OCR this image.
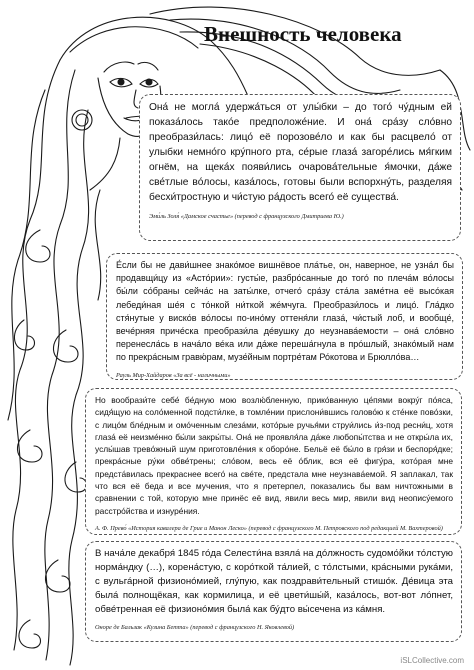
Внешность человека
Она́ не могла́ удержа́ться от улы́бки – до того́ чу́дным ей показа́лось тако́е предположе́ние. И она́ сра́зу сло́вно преобрази́лась: лицо́ её порозове́ло и как бы расцвело́ от улыбки немно́го кру́пного рта, се́рые глаза́ загоре́лись мя́гким огнём, на щека́х появи́лись очарова́тельные я́мочки, да́же све́тлые во́лосы, каза́лось, готовы были вспорхну́ть, разделяя бесхи́тростную и чи́стую ра́дость всего́ её существа́.
Эми́ль Золя́ «Дамское счастье» (перевод с французского Дмитриева Ю.)
Е́сли бы не дави́шнее знако́мое вишнёвое пла́тье, он, наверное, не узна́л бы продавщи́цу из «Асто́рии»: густы́е, разбро́санные до того́ по плеча́м во́лосы бы́ли со́браны сейча́с на заты́лке, отчего́ сра́зу ста́ла заме́тна её высо́кая лебеди́ная ше́я с то́нкой ни́ткой же́мчуга. Преобрази́лось и лицо́. Гла́дко стя́нутые у виско́в во́лосы по-ино́му оттеня́ли глаза́, чи́стый лоб, и вообще́, вече́рняя приче́ска преобрази́ла де́вушку до неузнава́емости – она́ сло́вно перенесла́сь в нача́ло ве́ка или да́же переша́гнула в про́шлый, знако́мый нам по прекра́сным гравю́рам, музе́йным портре́там Ро́котова и Брюлло́ва…
Рауль Мир-Хайдаров «За всё - наличными»
Но вообрази́те себе́ бе́дную мою возлю́бленную, прико́ванную це́пями вокру́г по́яса, сидя́щую на соло́менной подсти́лке, в томле́нии прислони́вшись голово́ю к сте́нке пово́зки, с лицо́м бле́дным и омо́ченным слеза́ми, кото́рые ручья́ми струи́лись и́з-под ресни́ц, хотя глаза́ её неизме́нно бы́ли закры́ты. Она́ не проявля́ла да́же любопы́тства и не откры́ла их, услы́шав трево́жный шум приготовле́ния к оборо́не. Бельё её бы́ло в гря́зи и беспоря́дке; прекра́сные ру́ки обве́трены; сло́вом, весь её о́блик, вся её фигу́ра, кото́рая мне предста́вилась прекраснее всего́ на све́те, предстала мне неузнава́емой. Я заплакал, так что вся её беда и все мучения, что я претерпел, показались бы вам ничтожными в сравнении с той, которую мне принёс её вид, явили весь мир, явили вид неопису́емого расстро́йства и изнуре́ния.
А. Ф. Прево́ «История кавалера де Грие и Манон Леско» (перевод с французского М. Петровского под редакцией М. Вахтеровой)
В нача́ле декабря́ 1845 го́да Селести́на взяла́ на до́лжность судомо́йки то́лстую норма́ндку (…), корена́стую, с коро́ткой та́лией, с то́лстыми, кра́сными рука́ми, с вульга́рной физионо́мией, глу́пую, как поздрави́тельный стишо́к. Де́вица эта была́ полнощёкая, как кормилица, и её цвети́шы́й, каза́лось, вот-вот ло́пнет, обве́тренная её физионо́мия была́ как бу́дто вы́сечена из ка́мня.
Оноре де Бальзак «Кузина Бетта» (перевод с французского Н. Яковлевой)
iSLCollective.com
